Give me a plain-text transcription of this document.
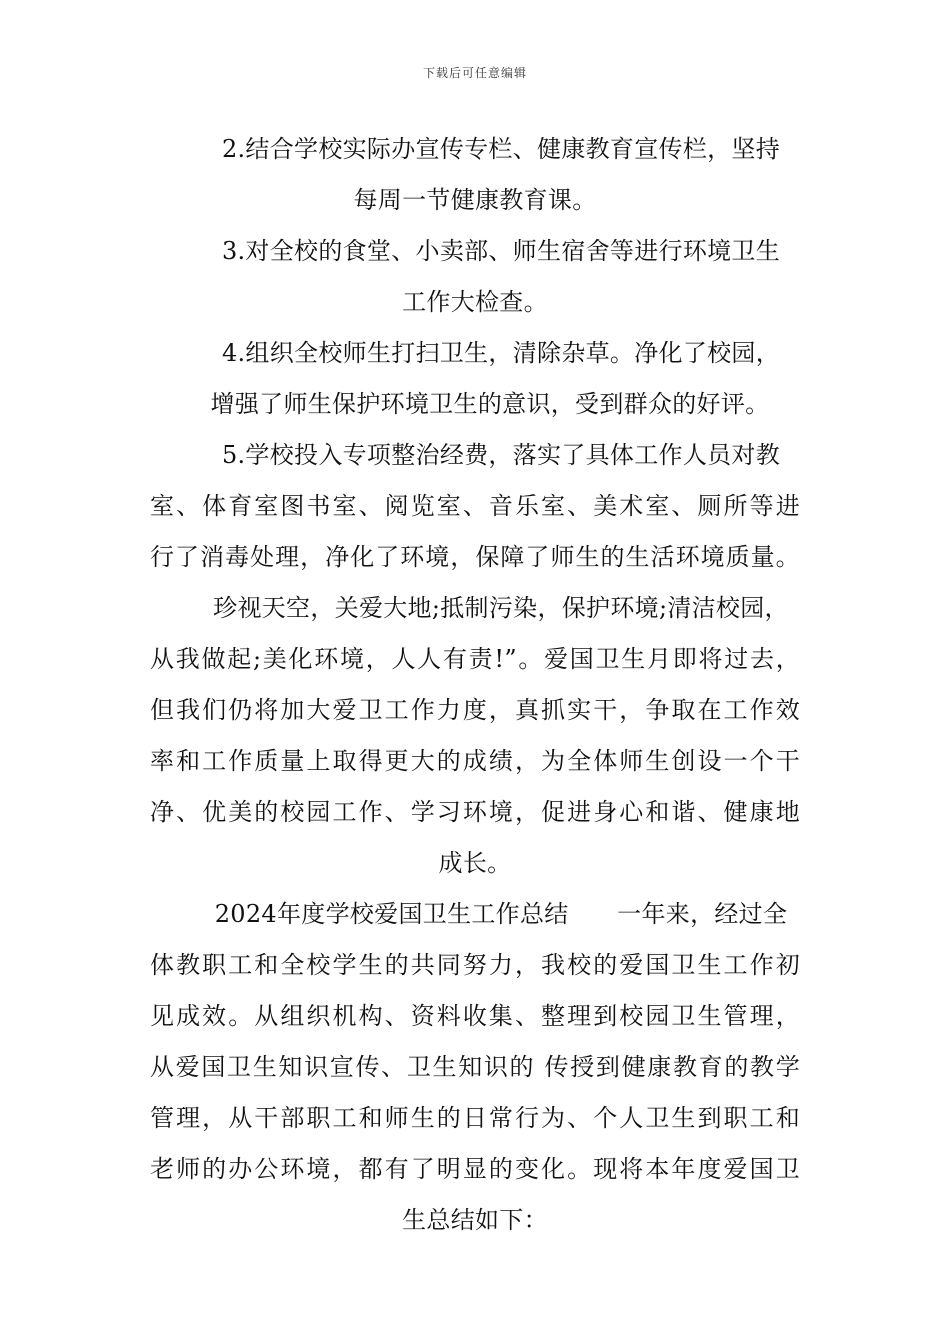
下载后可任意编辑
2.结合学校实际办宣传专栏、健康教育宣传栏，坚持
每周一节健康教育课。
3.对全校的食堂、小卖部、师生宿舍等进行环境卫生
工作大检查。
4.组织全校师生打扫卫生，清除杂草。净化了校园，
增强了师生保护环境卫生的意识，受到群众的好评。
5.学校投入专项整治经费，落实了具体工作人员对教
室、体育室图书室、阅览室、音乐室、美术室、厕所等进
行了消毒处理，净化了环境，保障了师生的生活环境质量。
珍视天空，关爱大地;抵制污染，保护环境;清洁校园，
从我做起;美化环境，人人有责!”。爱国卫生月即将过去，
但我们仍将加大爱卫工作力度，真抓实干，争取在工作效
率和工作质量上取得更大的成绩，为全体师生创设一个干
净、优美的校园工作、学习环境，促进身心和谐、健康地
成长。
2024年度学校爱国卫生工作总结　　一年来，经过全
体教职工和全校学生的共同努力，我校的爱国卫生工作初
见成效。从组织机构、资料收集、整理到校园卫生管理，
从爱国卫生知识宣传、卫生知识的 传授到健康教育的教学
管理，从干部职工和师生的日常行为、个人卫生到职工和
老师的办公环境，都有了明显的变化。现将本年度爱国卫
生总结如下：
